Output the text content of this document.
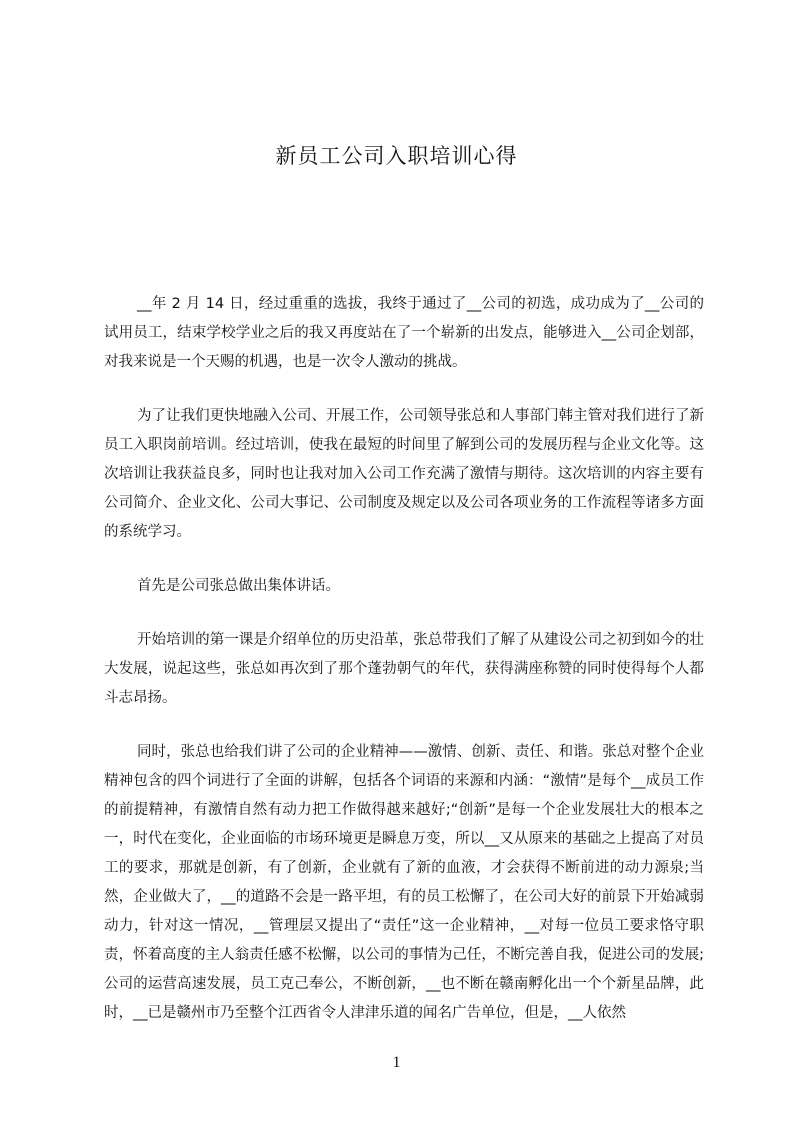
新员工公司入职培训心得

__年 2 月 14 日，经过重重的选拔，我终于通过了__公司的初选，成功成为了__公司的试用员工，结束学校学业之后的我又再度站在了一个崭新的出发点，能够进入__公司企划部，对我来说是一个天赐的机遇，也是一次令人激动的挑战。

为了让我们更快地融入公司、开展工作，公司领导张总和人事部门韩主管对我们进行了新员工入职岗前培训。经过培训，使我在最短的时间里了解到公司的发展历程与企业文化等。这次培训让我获益良多，同时也让我对加入公司工作充满了激情与期待。这次培训的内容主要有公司简介、企业文化、公司大事记、公司制度及规定以及公司各项业务的工作流程等诸多方面的系统学习。

首先是公司张总做出集体讲话。

开始培训的第一课是介绍单位的历史沿革，张总带我们了解了从建设公司之初到如今的壮大发展，说起这些，张总如再次到了那个蓬勃朝气的年代，获得满座称赞的同时使得每个人都斗志昂扬。

同时，张总也给我们讲了公司的企业精神——激情、创新、责任、和谐。张总对整个企业精神包含的四个词进行了全面的讲解，包括各个词语的来源和内涵：“激情”是每个__成员工作的前提精神，有激情自然有动力把工作做得越来越好;“创新”是每一个企业发展壮大的根本之一，时代在变化，企业面临的市场环境更是瞬息万变，所以__又从原来的基础之上提高了对员工的要求，那就是创新，有了创新，企业就有了新的血液，才会获得不断前进的动力源泉;当然，企业做大了，__的道路不会是一路平坦，有的员工松懈了，在公司大好的前景下开始减弱动力，针对这一情况，__管理层又提出了“责任”这一企业精神，__对每一位员工要求恪守职责，怀着高度的主人翁责任感不松懈，以公司的事情为己任，不断完善自我，促进公司的发展;公司的运营高速发展，员工克己奉公，不断创新，__也不断在赣南孵化出一个个新星品牌，此时，__已是赣州市乃至整个江西省令人津津乐道的闻名广告单位，但是，__人依然

1
